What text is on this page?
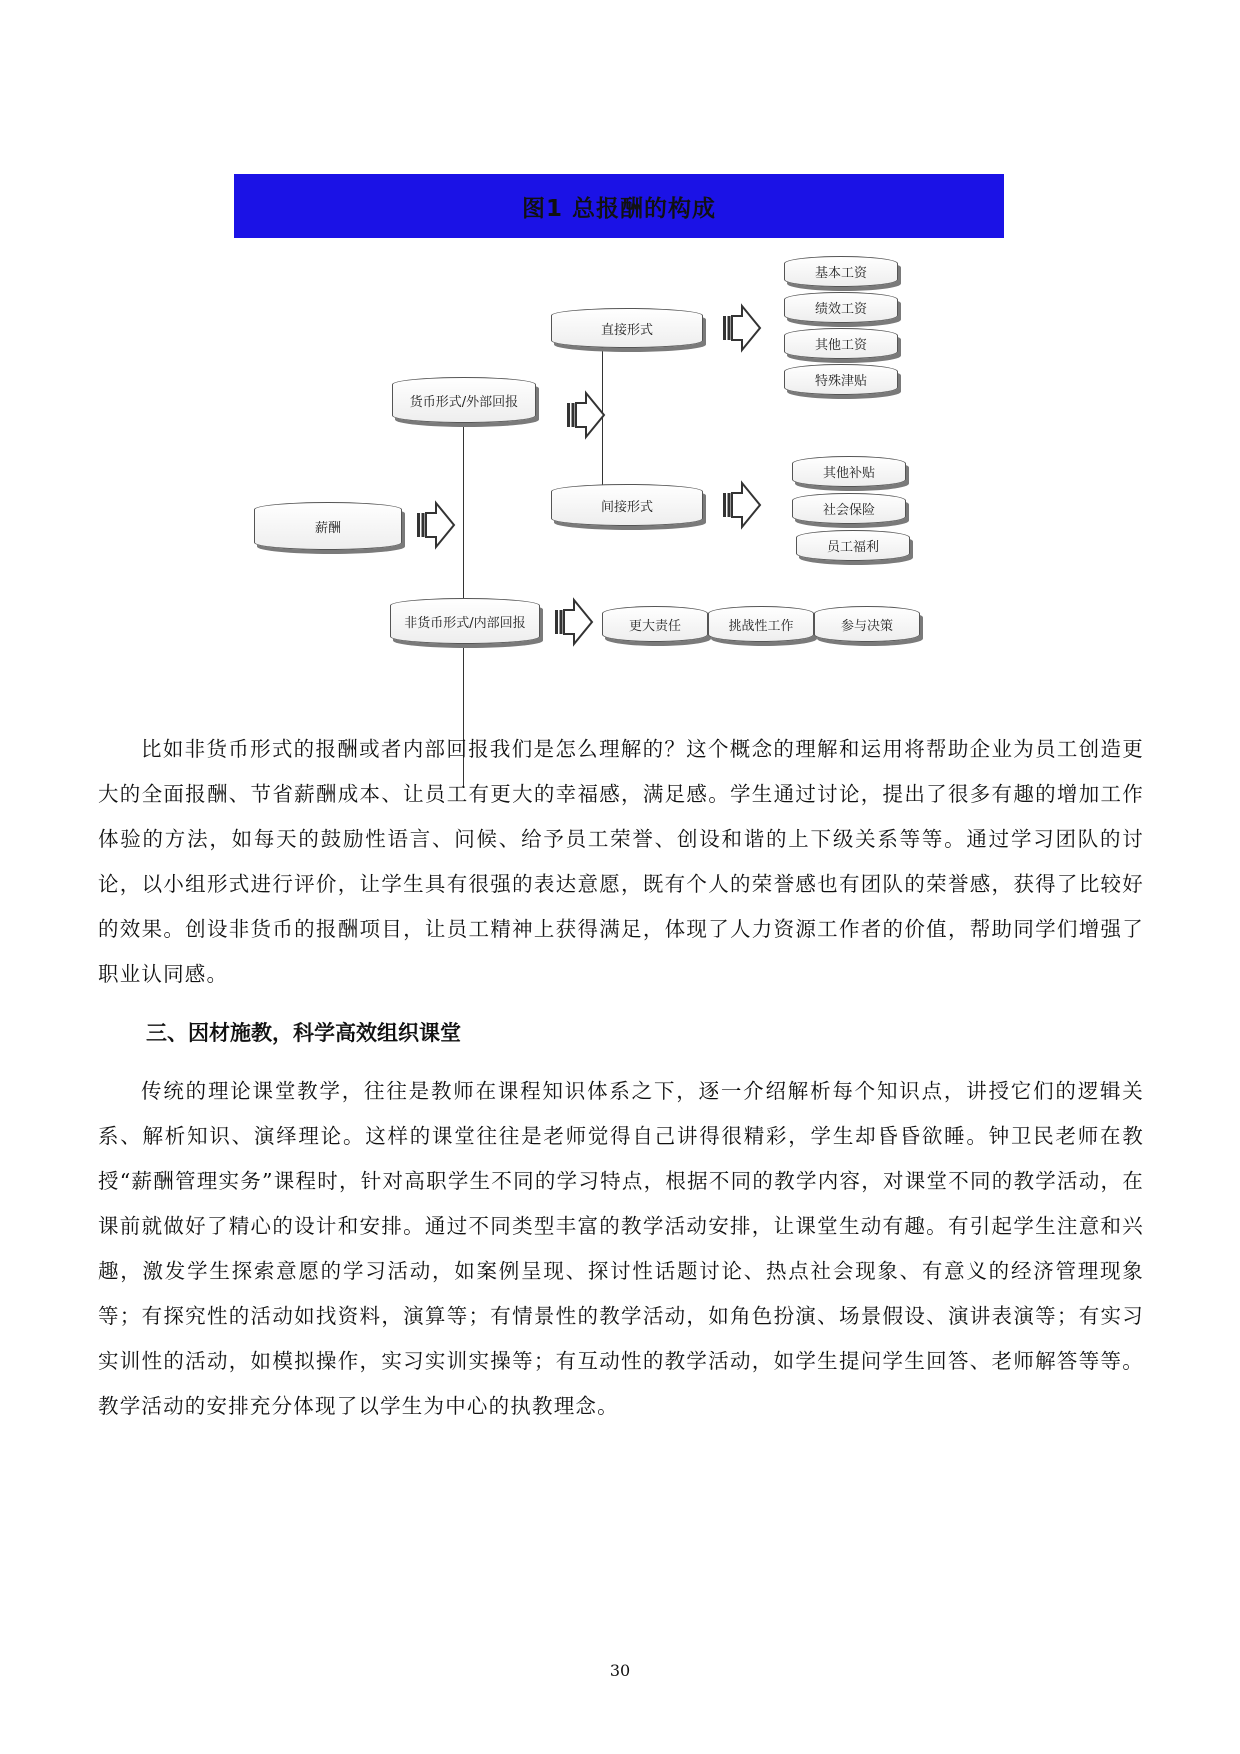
图1 总报酬的构成
薪酬
货币形式/外部回报
非货币形式/内部回报
直接形式
间接形式
基本工资
绩效工资
其他工资
特殊津贴
其他补贴
社会保险
员工福利
更大责任	挑战性工作	参与决策

比如非货币形式的报酬或者内部回报我们是怎么理解的？这个概念的理解和运用将帮助企业为员工创造更大的全面报酬、节省薪酬成本、让员工有更大的幸福感，满足感。学生通过讨论，提出了很多有趣的增加工作体验的方法，如每天的鼓励性语言、问候、给予员工荣誉、创设和谐的上下级关系等等。通过学习团队的讨论，以小组形式进行评价，让学生具有很强的表达意愿，既有个人的荣誉感也有团队的荣誉感，获得了比较好的效果。创设非货币的报酬项目，让员工精神上获得满足，体现了人力资源工作者的价值，帮助同学们增强了职业认同感。

三、因材施教，科学高效组织课堂

传统的理论课堂教学，往往是教师在课程知识体系之下，逐一介绍解析每个知识点，讲授它们的逻辑关系、解析知识、演绎理论。这样的课堂往往是老师觉得自己讲得很精彩，学生却昏昏欲睡。钟卫民老师在教授“薪酬管理实务”课程时，针对高职学生不同的学习特点，根据不同的教学内容，对课堂不同的教学活动，在课前就做好了精心的设计和安排。通过不同类型丰富的教学活动安排，让课堂生动有趣。有引起学生注意和兴趣，激发学生探索意愿的学习活动，如案例呈现、探讨性话题讨论、热点社会现象、有意义的经济管理现象等；有探究性的活动如找资料，演算等；有情景性的教学活动，如角色扮演、场景假设、演讲表演等；有实习实训性的活动，如模拟操作，实习实训实操等；有互动性的教学活动，如学生提问学生回答、老师解答等等。教学活动的安排充分体现了以学生为中心的执教理念。

30
